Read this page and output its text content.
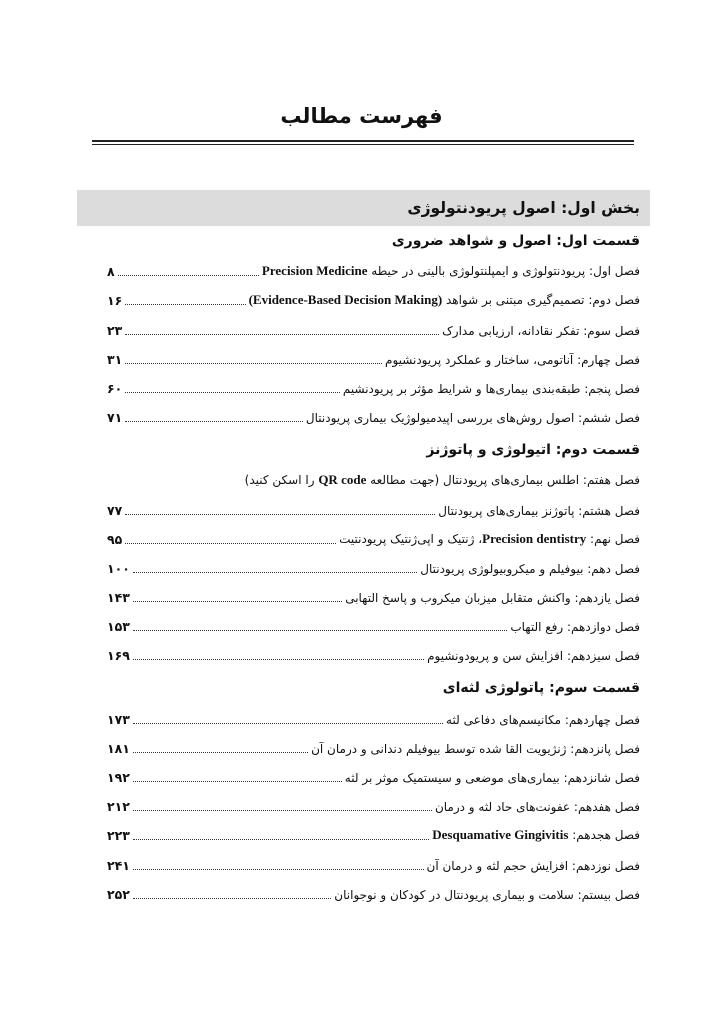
فهرست مطالب
بخش اول: اصول پریودنتولوژی
قسمت اول: اصول و شواهد ضروری
فصل اول: پریودنتولوژی و ایمپلنتولوژی بالینی در حیطه Precision Medicine
۸
فصل دوم: تصمیم‌گیری مبتنی بر شواهد (Evidence-Based Decision Making)
۱۶
فصل سوم: تفکر نقادانه، ارزیابی مدارک
۲۳
فصل چهارم: آناتومی، ساختار و عملکرد پریودنشیوم
۳۱
فصل پنجم: طبقه‌بندی بیماری‌ها و شرایط مؤثر بر پریودنشیم
۶۰
فصل ششم: اصول روش‌های بررسی اپیدمیولوژیک بیماری پریودنتال
۷۱
قسمت دوم: اتیولوژی و پاتوژنز
فصل هفتم: اطلس بیماری‌های پریودنتال (جهت مطالعه QR code را اسکن کنید)
فصل هشتم: پاتوژنز بیماری‌های پریودنتال
۷۷
فصل نهم: Precision dentistry، ژنتیک و اپی‌ژنتیک پریودنتیت
۹۵
فصل دهم: بیوفیلم و میکروبیولوژی پریودنتال
۱۰۰
فصل یازدهم: واکنش متقابل میزبان میکروب و پاسخ التهابی
۱۴۳
فصل دوازدهم: رفع التهاب
۱۵۳
فصل سیزدهم: افزایش سن و پریودونشیوم
۱۶۹
قسمت سوم: پاتولوژی لثه‌ای
فصل چهاردهم: مکانیسم‌های دفاعی لثه
۱۷۳
فصل پانزدهم: ژنژیویت القا شده توسط بیوفیلم دندانی و درمان آن
۱۸۱
فصل شانزدهم: بیماری‌های موضعی و سیستمیک موثر بر لثه
۱۹۲
فصل هفدهم: عفونت‌های حاد لثه و درمان
۲۱۲
فصل هجدهم: Desquamative Gingivitis
۲۲۳
فصل نوزدهم: افزایش حجم لثه و درمان آن
۲۴۱
فصل بیستم: سلامت و بیماری پریودنتال در کودکان و نوجوانان
۲۵۲
